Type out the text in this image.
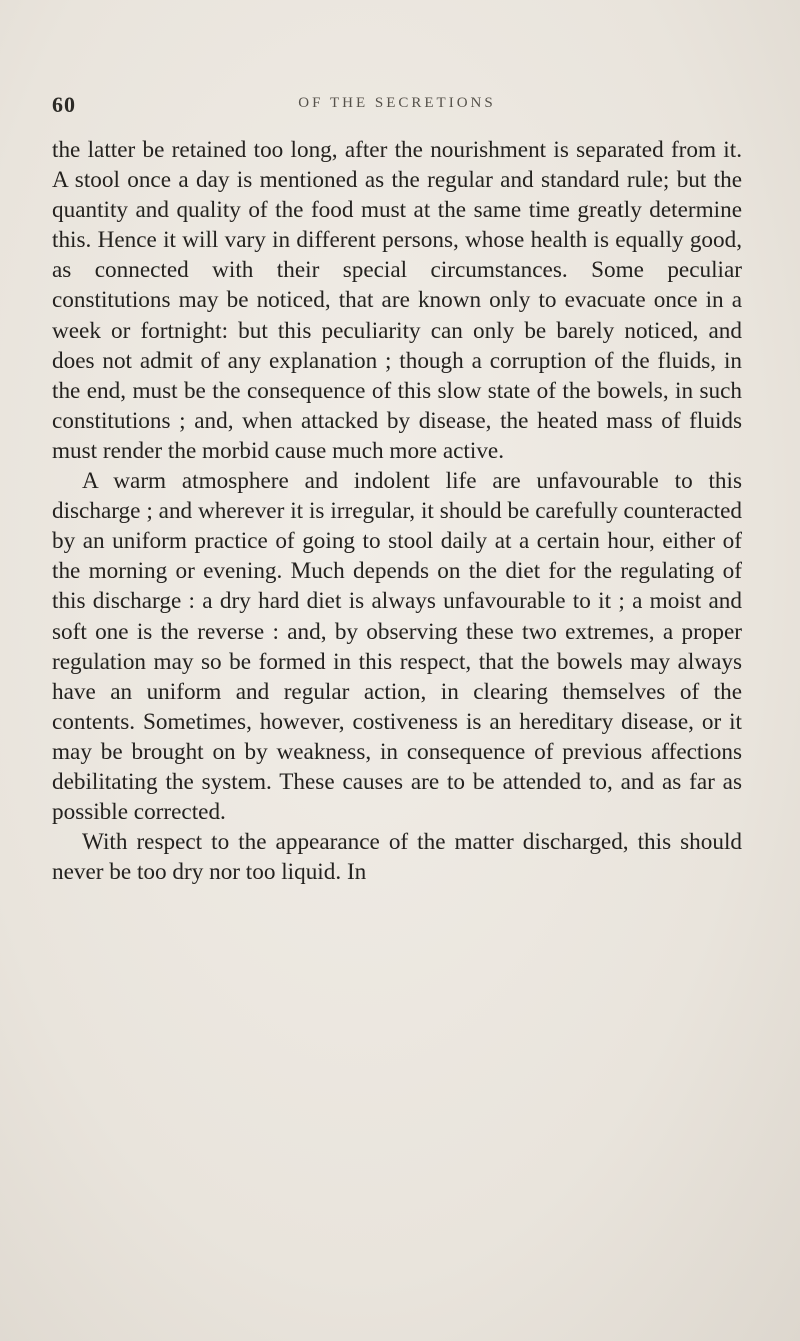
60	OF THE SECRETIONS

the latter be retained too long, after the nourishment is separated from it. A stool once a day is mentioned as the regular and standard rule; but the quantity and quality of the food must at the same time greatly determine this. Hence it will vary in different persons, whose health is equally good, as connected with their special circumstances. Some peculiar constitutions may be noticed, that are known only to evacuate once in a week or fortnight: but this peculiarity can only be barely noticed, and does not admit of any explanation ; though a corruption of the fluids, in the end, must be the consequence of this slow state of the bowels, in such constitutions ; and, when attacked by disease, the heated mass of fluids must render the morbid cause much more active.

A warm atmosphere and indolent life are unfavourable to this discharge ; and wherever it is irregular, it should be carefully counteracted by an uniform practice of going to stool daily at a certain hour, either of the morning or evening. Much depends on the diet for the regulating of this discharge : a dry hard diet is always unfavourable to it ; a moist and soft one is the reverse : and, by observing these two extremes, a proper regulation may so be formed in this respect, that the bowels may always have an uniform and regular action, in clearing themselves of the contents. Sometimes, however, costiveness is an hereditary disease, or it may be brought on by weakness, in consequence of previous affections debilitating the system. These causes are to be attended to, and as far as possible corrected.

With respect to the appearance of the matter discharged, this should never be too dry nor too liquid. In
